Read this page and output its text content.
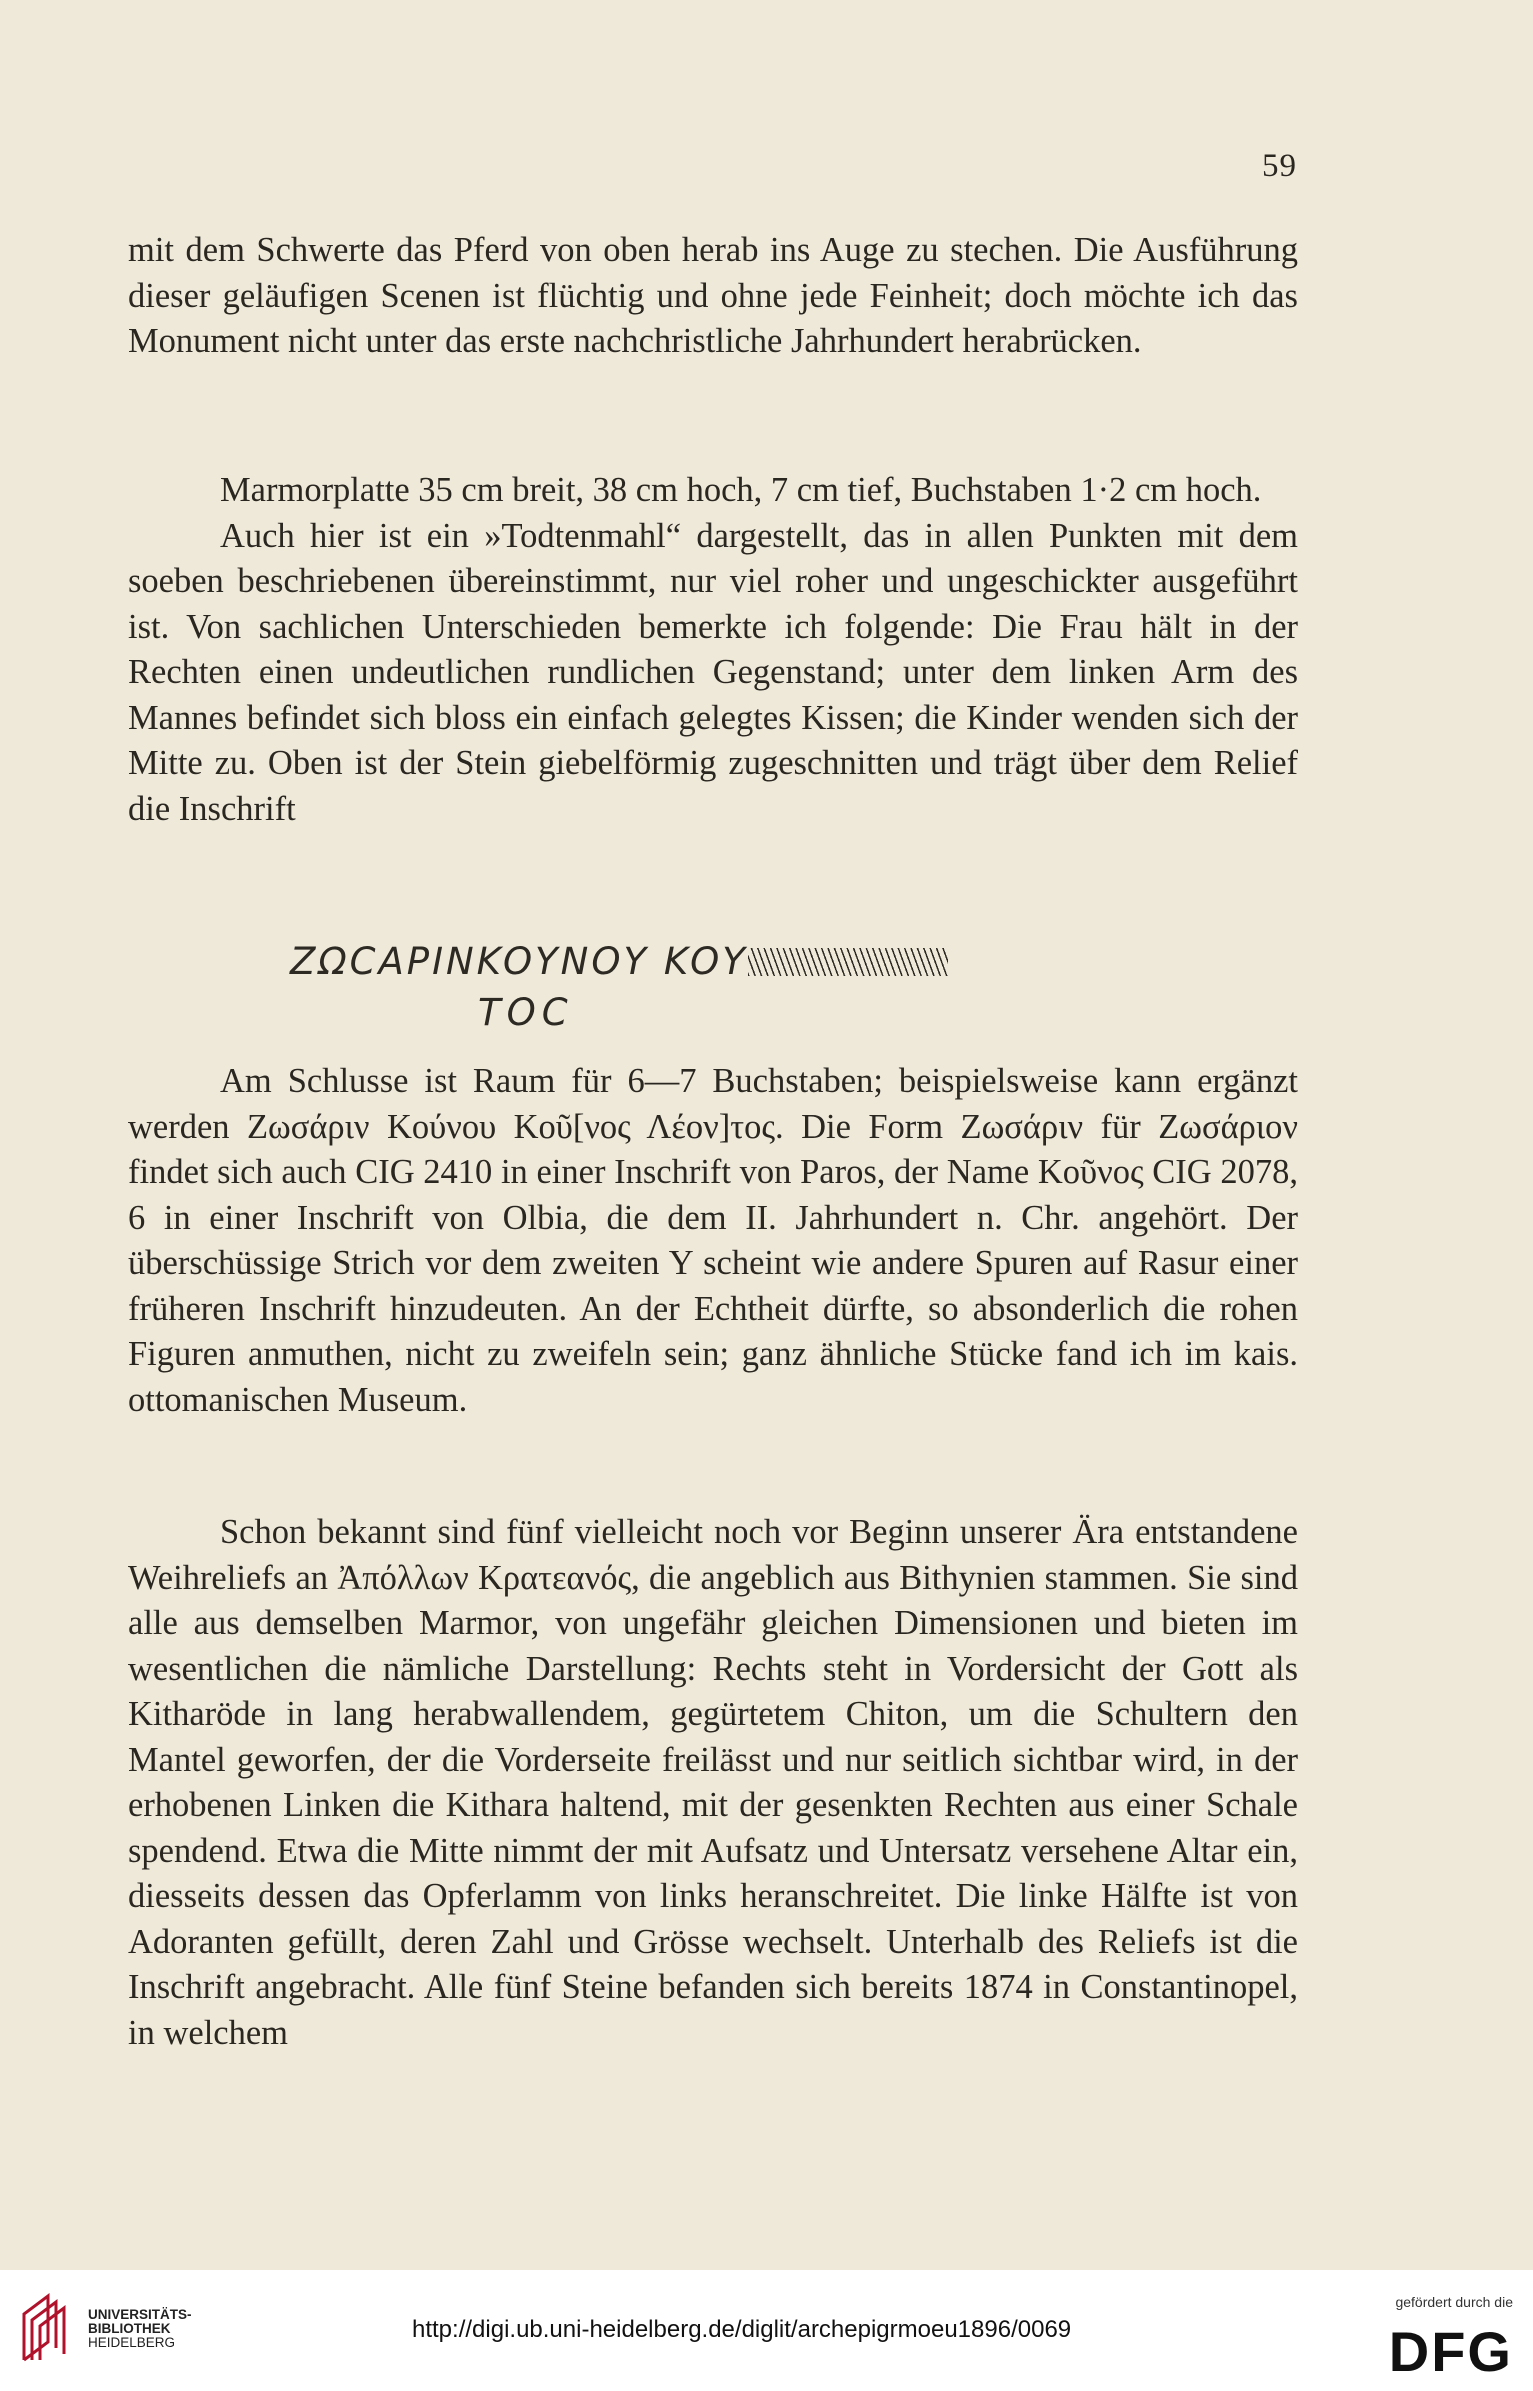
59

mit dem Schwerte das Pferd von oben herab ins Auge zu stechen. Die Ausführung dieser geläufigen Scenen ist flüchtig und ohne jede Feinheit; doch möchte ich das Monument nicht unter das erste nachchristliche Jahrhundert herabrücken.

Marmorplatte 35 cm breit, 38 cm hoch, 7 cm tief, Buchstaben 1·2 cm hoch.

Auch hier ist ein »Todtenmahl“ dargestellt, das in allen Punkten mit dem soeben beschriebenen übereinstimmt, nur viel roher und ungeschickter ausgeführt ist. Von sachlichen Unterschieden bemerkte ich folgende: Die Frau hält in der Rechten einen undeutlichen rundlichen Gegenstand; unter dem linken Arm des Mannes befindet sich bloss ein einfach gelegtes Kissen; die Kinder wenden sich der Mitte zu. Oben ist der Stein giebelförmig zugeschnitten und trägt über dem Relief die Inschrift

ΖΩCAPINKOYNOY KOY
TOC

Am Schlusse ist Raum für 6—7 Buchstaben; beispielsweise kann ergänzt werden Ζωσάριν Κούνου Κοῦ[νος Λέον]τος. Die Form Ζωσάριν für Ζωσάριον findet sich auch CIG 2410 in einer Inschrift von Paros, der Name Κοῦνος CIG 2078, 6 in einer Inschrift von Olbia, die dem II. Jahrhundert n. Chr. angehört. Der überschüssige Strich vor dem zweiten Y scheint wie andere Spuren auf Rasur einer früheren Inschrift hinzudeuten. An der Echtheit dürfte, so absonderlich die rohen Figuren anmuthen, nicht zu zweifeln sein; ganz ähnliche Stücke fand ich im kais. ottomanischen Museum.

Schon bekannt sind fünf vielleicht noch vor Beginn unserer Ära entstandene Weihreliefs an Ἀπόλλων Κρατεανός, die angeblich aus Bithynien stammen. Sie sind alle aus demselben Marmor, von ungefähr gleichen Dimensionen und bieten im wesentlichen die nämliche Darstellung: Rechts steht in Vordersicht der Gott als Kitharöde in lang herabwallendem, gegürtetem Chiton, um die Schultern den Mantel geworfen, der die Vorderseite freilässt und nur seitlich sichtbar wird, in der erhobenen Linken die Kithara haltend, mit der gesenkten Rechten aus einer Schale spendend. Etwa die Mitte nimmt der mit Aufsatz und Untersatz versehene Altar ein, diesseits dessen das Opferlamm von links heranschreitet. Die linke Hälfte ist von Adoranten gefüllt, deren Zahl und Grösse wechselt. Unterhalb des Reliefs ist die Inschrift angebracht. Alle fünf Steine befanden sich bereits 1874 in Constantinopel, in welchem

UNIVERSITÄTS-
BIBLIOTHEK
HEIDELBERG	http://digi.ub.uni-heidelberg.de/diglit/archepigrmoeu1896/0069
gefördert durch die
DFG
